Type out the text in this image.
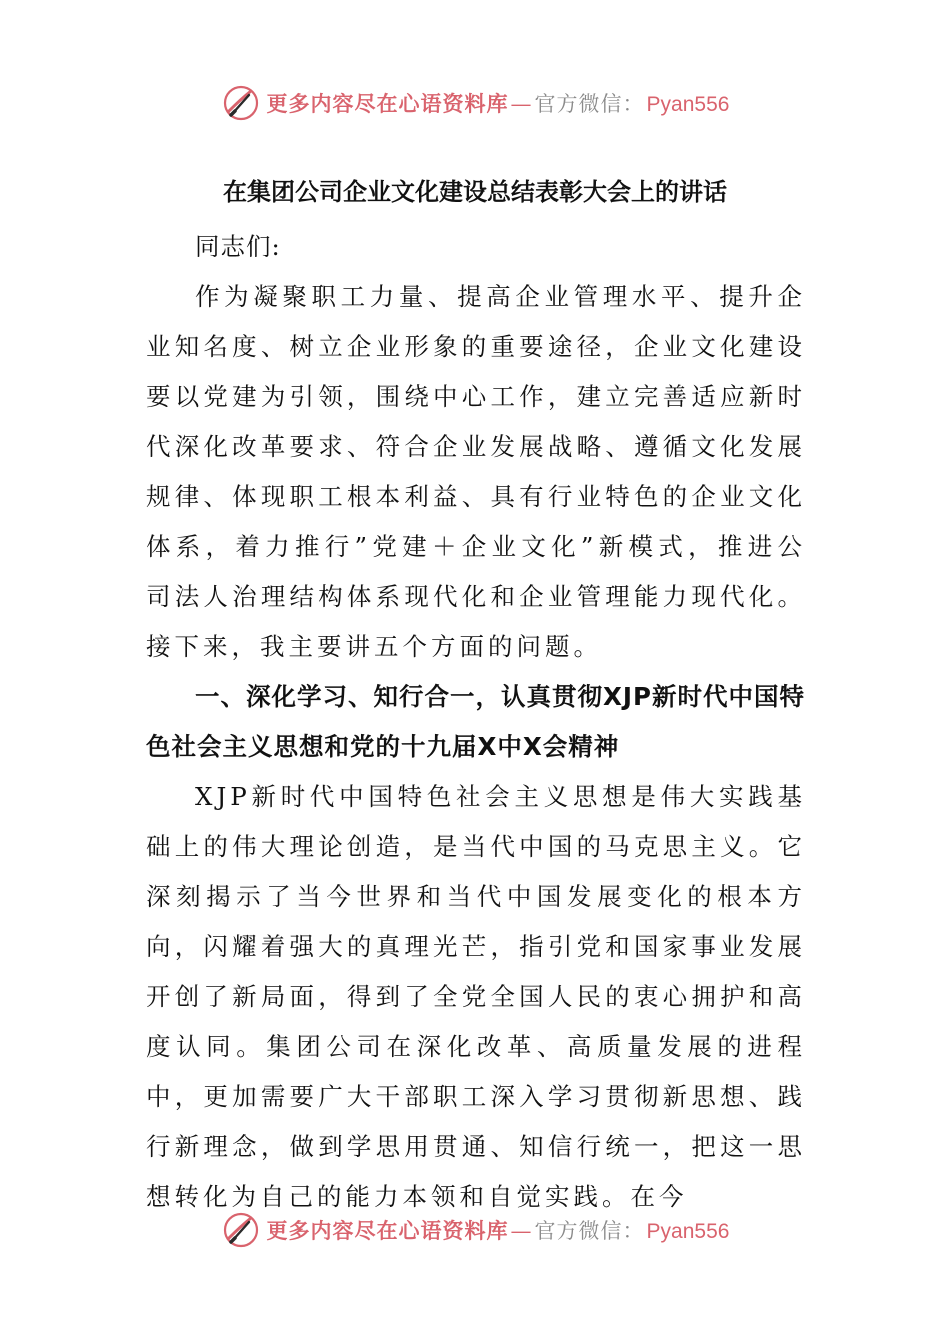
更多内容尽在心语资料库 — 官方微信： Pyan556
在集团公司企业文化建设总结表彰大会上的讲话

同志们:

作为凝聚职工力量、提高企业管理水平、提升企业知名度、树立企业形象的重要途径，企业文化建设要以党建为引领，围绕中心工作，建立完善适应新时代深化改革要求、符合企业发展战略、遵循文化发展规律、体现职工根本利益、具有行业特色的企业文化体系，着力推行”党建＋企业文化”新模式，推进公司法人治理结构体系现代化和企业管理能力现代化。接下来，我主要讲五个方面的问题。

一、深化学习、知行合一，认真贯彻XJP新时代中国特色社会主义思想和党的十九届X中X会精神

XJP新时代中国特色社会主义思想是伟大实践基础上的伟大理论创造，是当代中国的马克思主义。它深刻揭示了当今世界和当代中国发展变化的根本方向，闪耀着强大的真理光芒，指引党和国家事业发展开创了新局面，得到了全党全国人民的衷心拥护和高度认同。集团公司在深化改革、高质量发展的进程中，更加需要广大干部职工深入学习贯彻新思想、践行新理念，做到学思用贯通、知信行统一，把这一思想转化为自己的能力本领和自觉实践。在今

更多内容尽在心语资料库 — 官方微信： Pyan556
